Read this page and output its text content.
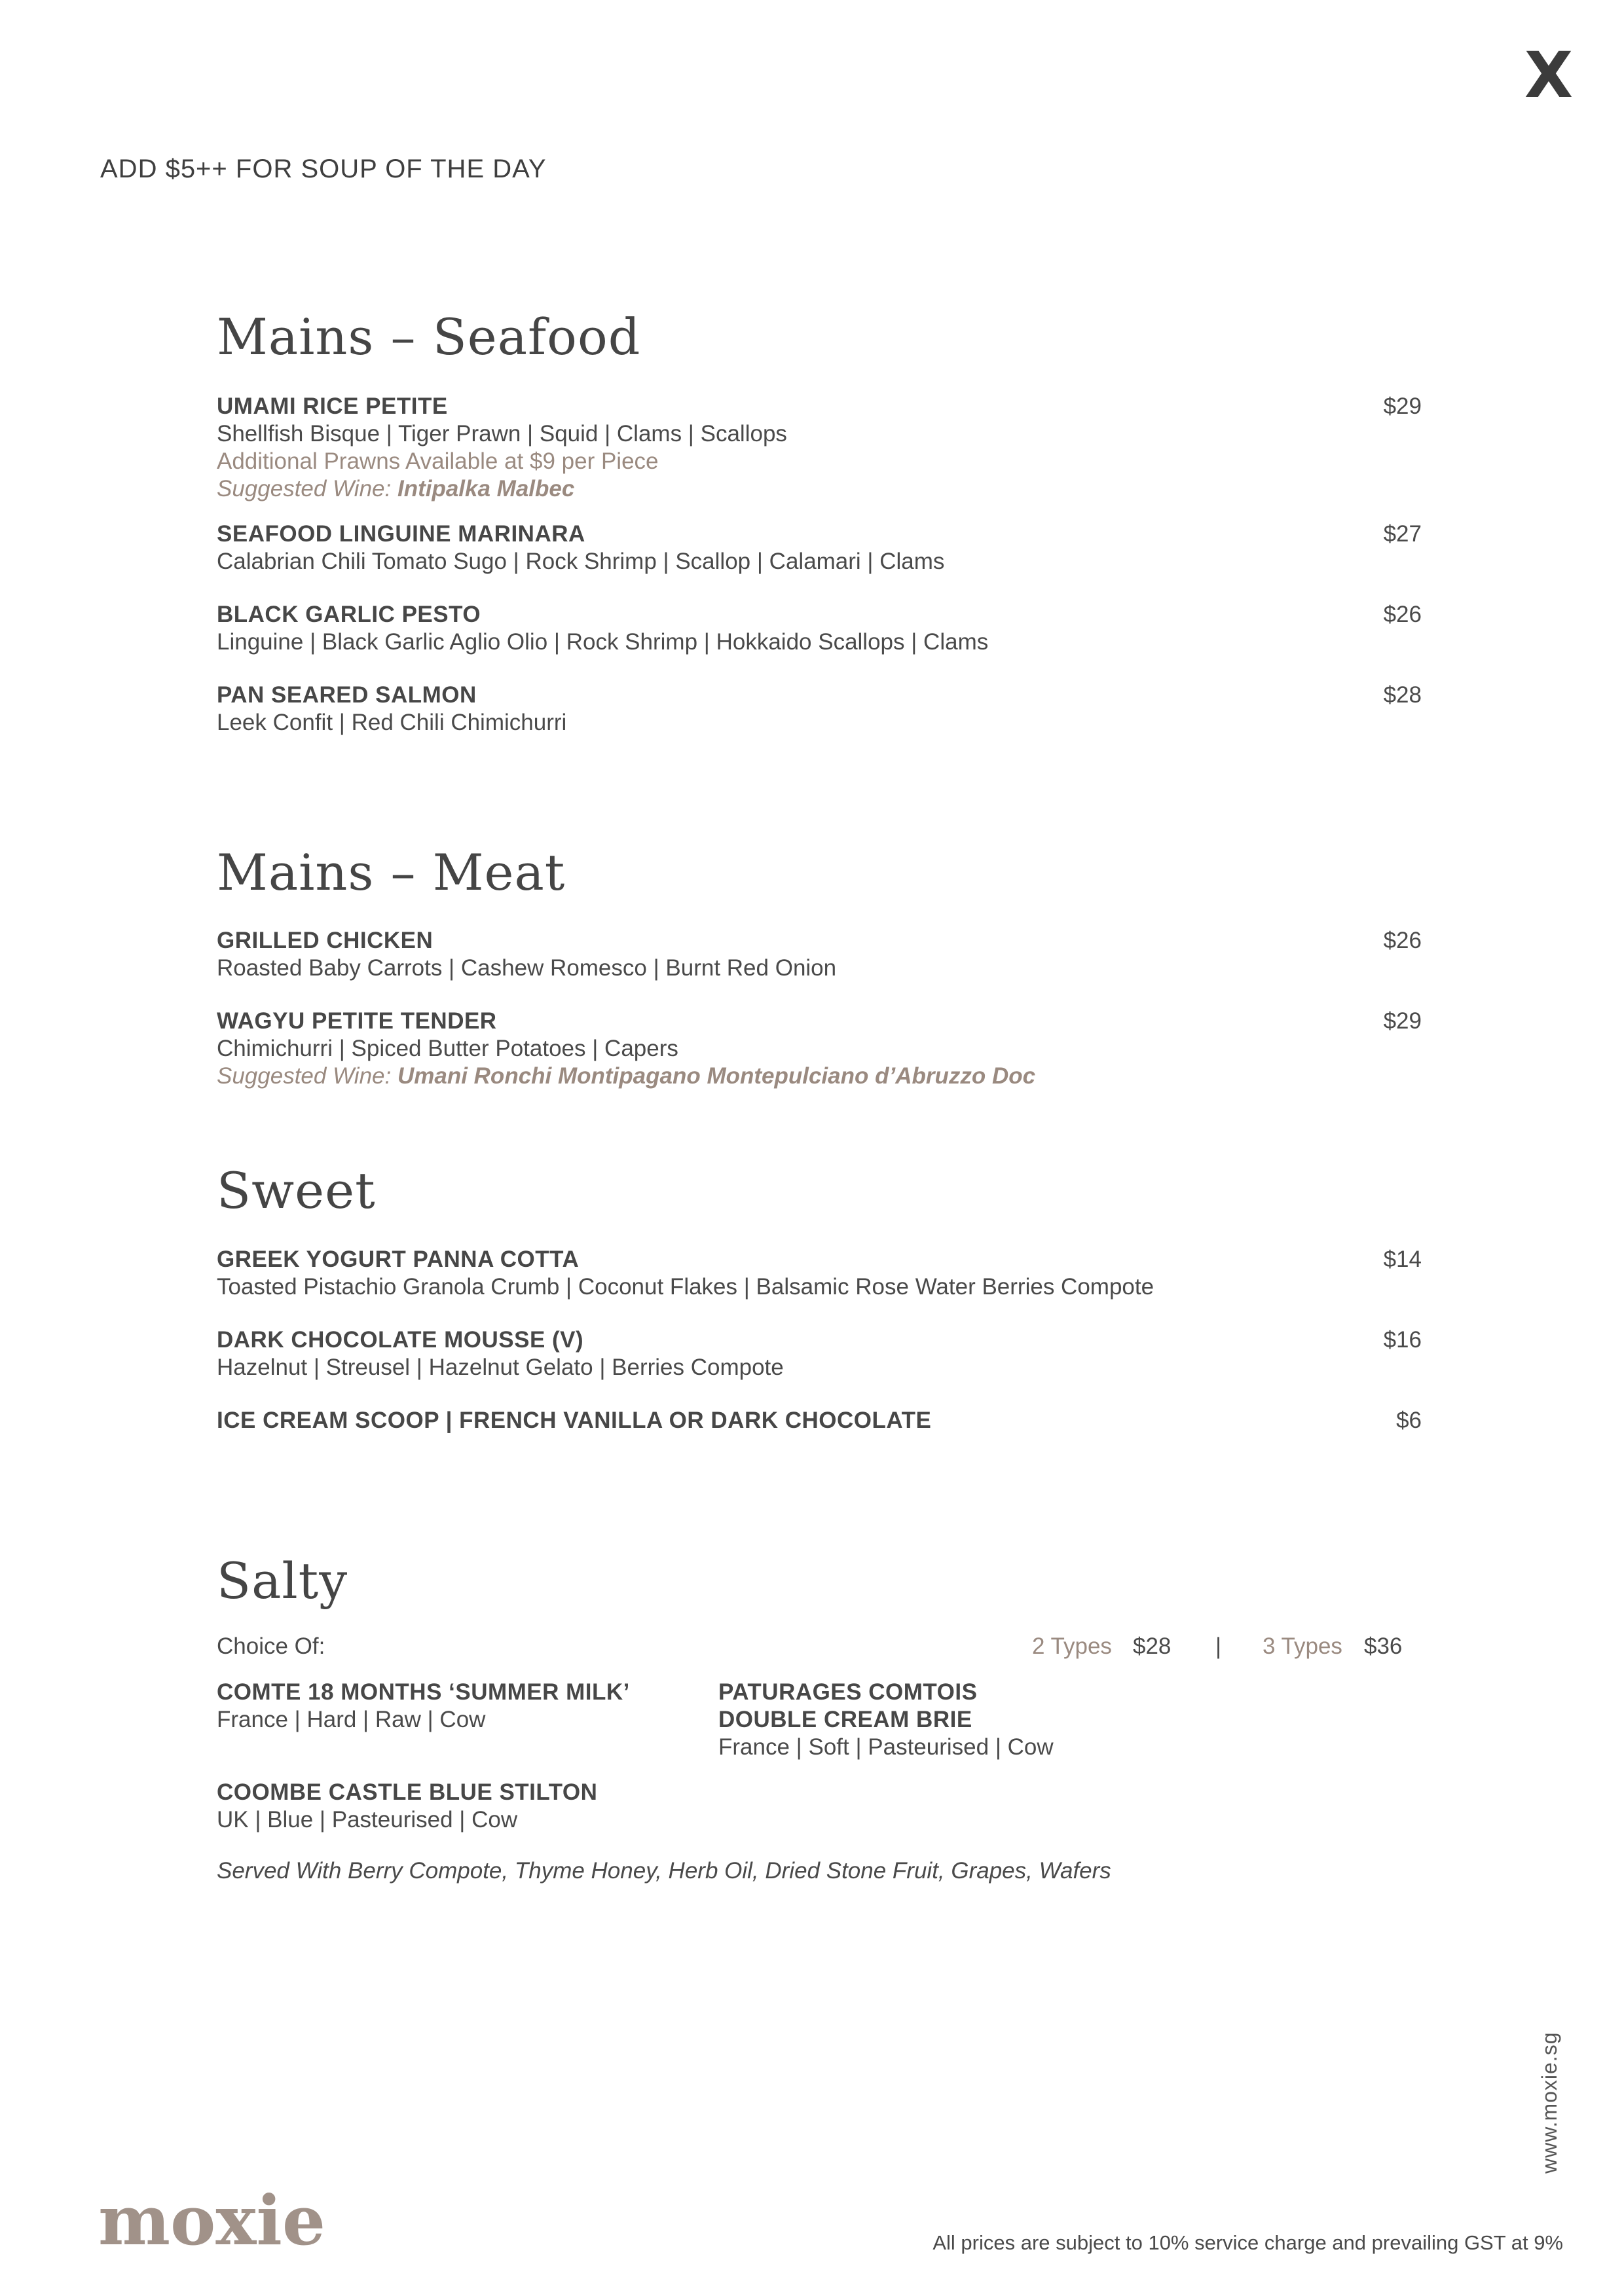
X
ADD $5++ FOR SOUP OF THE DAY
Mains – Seafood
UMAMI RICE PETITE	$29
Shellfish Bisque | Tiger Prawn | Squid | Clams | Scallops
Additional Prawns Available at $9 per Piece
Suggested Wine: Intipalka Malbec
SEAFOOD LINGUINE MARINARA	$27
Calabrian Chili Tomato Sugo | Rock Shrimp | Scallop | Calamari | Clams
BLACK GARLIC PESTO	$26
Linguine | Black Garlic Aglio Olio | Rock Shrimp | Hokkaido Scallops | Clams
PAN SEARED SALMON	$28
Leek Confit | Red Chili Chimichurri
Mains – Meat
GRILLED CHICKEN	$26
Roasted Baby Carrots | Cashew Romesco | Burnt Red Onion
WAGYU PETITE TENDER	$29
Chimichurri | Spiced Butter Potatoes | Capers
Suggested Wine: Umani Ronchi Montipagano Montepulciano d’Abruzzo Doc
Sweet
GREEK YOGURT PANNA COTTA	$14
Toasted Pistachio Granola Crumb | Coconut Flakes | Balsamic Rose Water Berries Compote
DARK CHOCOLATE MOUSSE (V)	$16
Hazelnut | Streusel | Hazelnut Gelato | Berries Compote
ICE CREAM SCOOP | FRENCH VANILLA OR DARK CHOCOLATE	$6
Salty
Choice Of:	2 Types $28 | 3 Types $36
COMTE 18 MONTHS ‘SUMMER MILK’
France | Hard | Raw | Cow
PATURAGES COMTOIS
DOUBLE CREAM BRIE
France | Soft | Pasteurised | Cow
COOMBE CASTLE BLUE STILTON
UK | Blue | Pasteurised | Cow
Served With Berry Compote, Thyme Honey, Herb Oil, Dried Stone Fruit, Grapes, Wafers
www.moxie.sg
moxie	All prices are subject to 10% service charge and prevailing GST at 9%
